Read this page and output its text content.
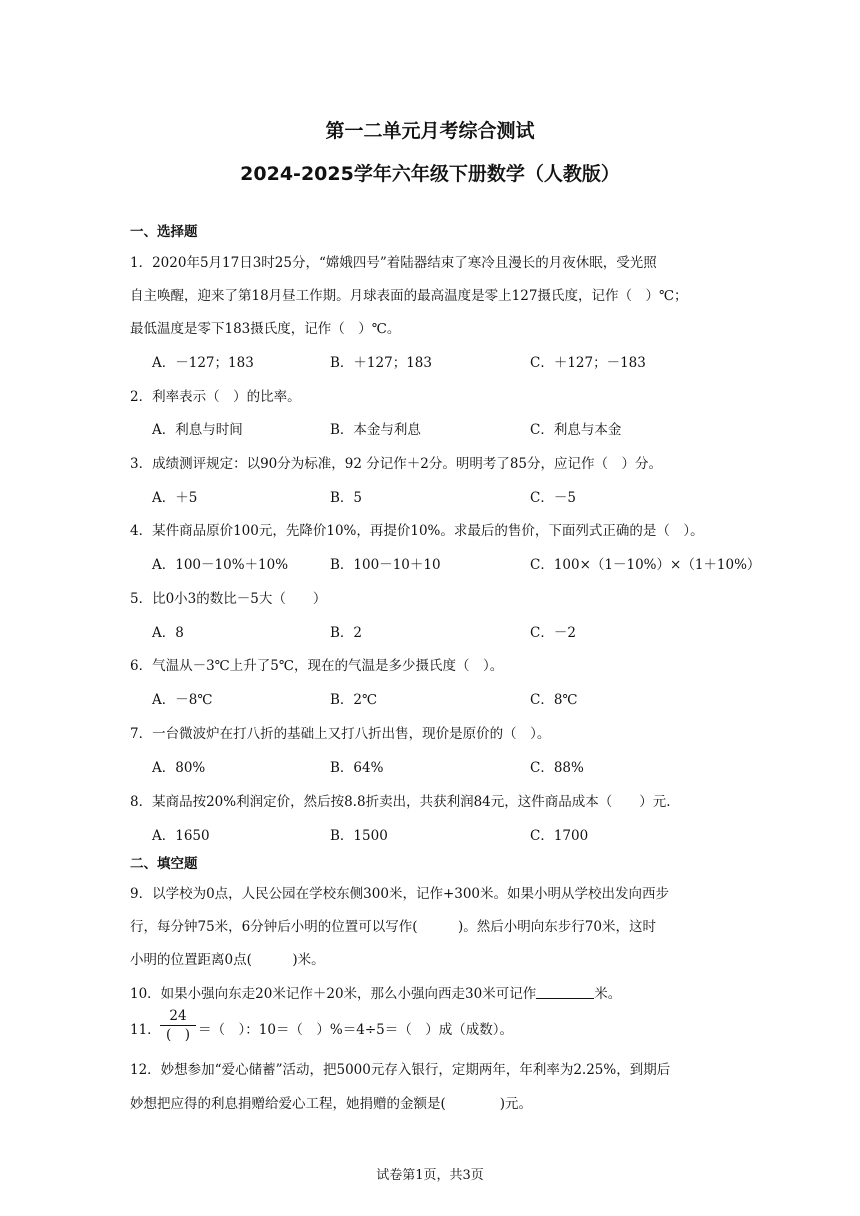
第一二单元月考综合测试
2024-2025学年六年级下册数学（人教版）
一、选择题
1．2020年5月17日3时25分，“嫦娥四号”着陆器结束了寒冷且漫长的月夜休眠，受光照
自主唤醒，迎来了第18月昼工作期。月球表面的最高温度是零上127摄氏度，记作（　）℃；
最低温度是零下183摄氏度，记作（　）℃。
A．－127；183	B．＋127；183	C．＋127；－183
2．利率表示（　）的比率。
A．利息与时间	B．本金与利息	C．利息与本金
3．成绩测评规定：以90分为标准，92 分记作＋2分。明明考了85分，应记作（　）分。
A．＋5	B．5	C．－5
4．某件商品原价100元，先降价10%，再提价10%。求最后的售价，下面列式正确的是（　）。
A．100－10%＋10%	B．100－10＋10	C．100×（1－10%）×（1＋10%）
5．比0小3的数比－5大（　　）
A．8	B．2	C．－2
6．气温从－3℃上升了5℃，现在的气温是多少摄氏度（　）。
A．－8℃	B．2℃	C．8℃
7．一台微波炉在打八折的基础上又打八折出售，现价是原价的（　）。
A．80%	B．64%	C．88%
8．某商品按20%利润定价，然后按8.8折卖出，共获利润84元，这件商品成本（　　）元.
A．1650	B．1500	C．1700
二、填空题
9．以学校为0点，人民公园在学校东侧300米，记作+300米。如果小明从学校出发向西步
行，每分钟75米，6分钟后小明的位置可以写作(　　　)。然后小明向东步行70米，这时
小明的位置距离0点(　　　)米。
10．如果小强向东走20米记作＋20米，那么小强向西走30米可记作	米。
11．
24
(　) ＝（　）：10＝（　）%＝4÷5＝（　）成（成数）。
12．妙想参加“爱心储蓄”活动，把5000元存入银行，定期两年，年利率为2.25%，到期后
妙想把应得的利息捐赠给爱心工程，她捐赠的金额是(　　　　)元。
试卷第1页，共3页
